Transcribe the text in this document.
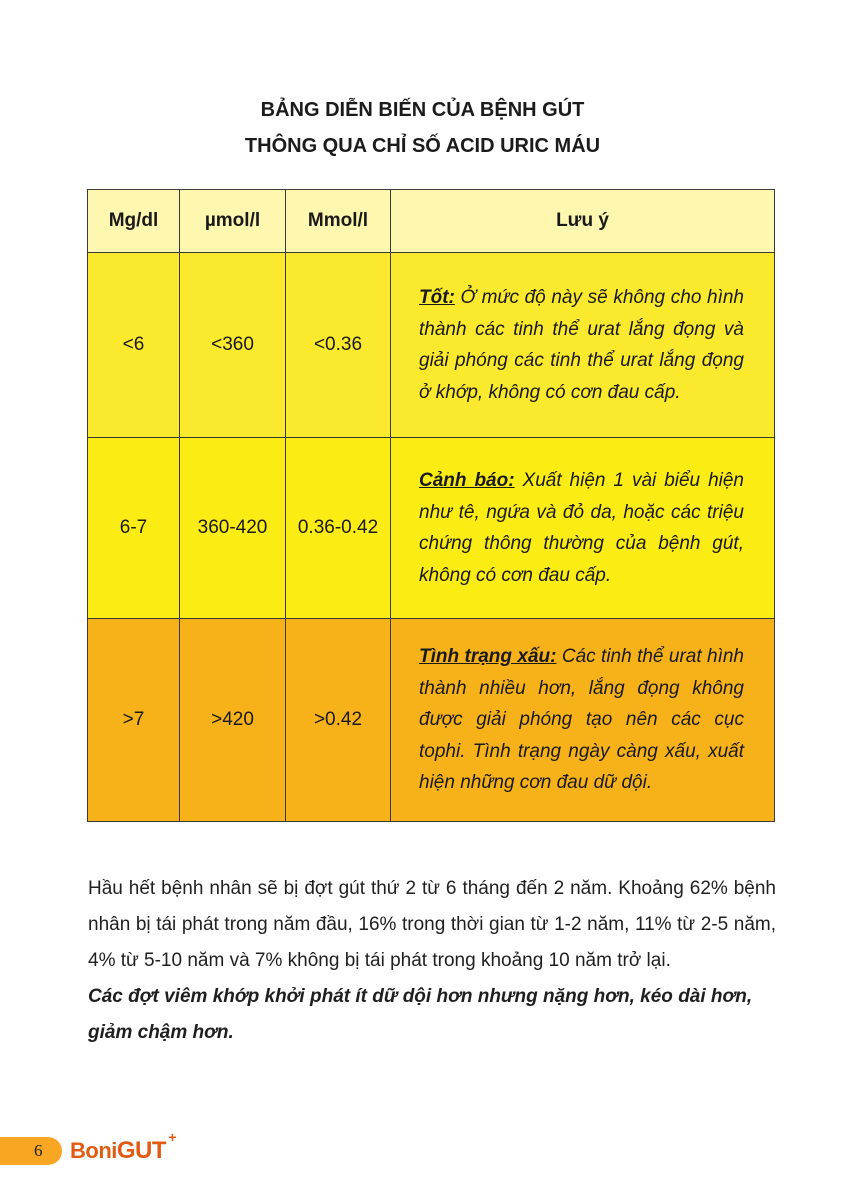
BẢNG DIỄN BIẾN CỦA BỆNH GÚT
THÔNG QUA CHỈ SỐ ACID URIC MÁU
Mg/dl	µmol/l	Mmol/l	Lưu ý
<6	<360	<0.36	Tốt: Ở mức độ này sẽ không cho hình thành các tinh thể urat lắng đọng và giải phóng các tinh thể urat lắng đọng ở khớp, không có cơn đau cấp.
6-7	360-420	0.36-0.42	Cảnh báo: Xuất hiện 1 vài biểu hiện như tê, ngứa và đỏ da, hoặc các triệu chứng thông thường của bệnh gút, không có cơn đau cấp.
>7	>420	>0.42	Tình trạng xấu: Các tinh thể urat hình thành nhiều hơn, lắng đọng không được giải phóng tạo nên các cục tophi. Tình trạng ngày càng xấu, xuất hiện những cơn đau dữ dội.
Hầu hết bệnh nhân sẽ bị đợt gút thứ 2 từ 6 tháng đến 2 năm. Khoảng 62% bệnh nhân bị tái phát trong năm đầu, 16% trong thời gian từ 1-2 năm, 11% từ 2-5 năm, 4% từ 5-10 năm và 7% không bị tái phát trong khoảng 10 năm trở lại.
Các đợt viêm khớp khởi phát ít dữ dội hơn nhưng nặng hơn, kéo dài hơn, giảm chậm hơn.
6 BoniGUT +
